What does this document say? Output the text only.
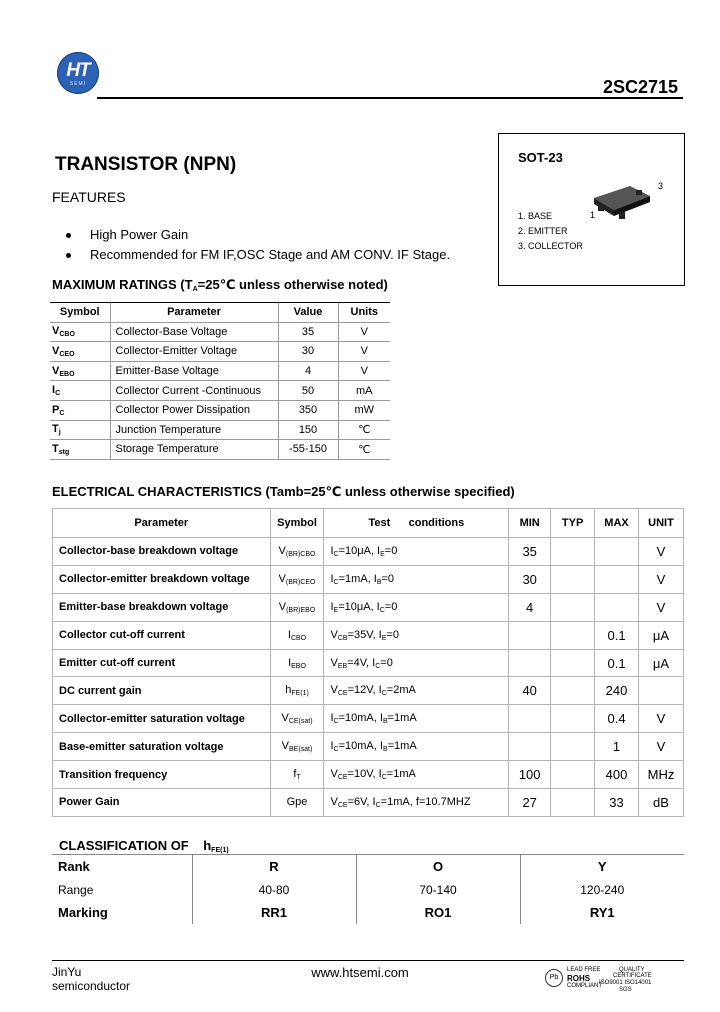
HT
SEMI	2SC2715
TRANSISTOR (NPN)
FEATURES
High Power Gain
Recommended for FM IF,OSC Stage and AM CONV. IF Stage.
SOT-23
1
3
1. BASE
2. EMITTER
3. COLLECTOR
MAXIMUM RATINGS ($T_A=25℃$ unless otherwise noted)
Symbol	Parameter	Value	Units
$V_{CBO}$	Collector-Base Voltage	35	V
$V_{CEO}$	Collector-Emitter Voltage	30	V
$V_{EBO}$	Emitter-Base Voltage	4	V
$I_C$	Collector Current -Continuous	50	mA
$P_C$	Collector Power Dissipation	350	mW
$T_j$	Junction Temperature	150	℃
$T_{stg}$	Storage Temperature	-55-150	℃
ELECTRICAL CHARACTERISTICS (Tamb=25℃ unless otherwise specified)
Parameter	Symbol	Test      conditions	MIN	TYP	MAX	UNIT
Collector-base breakdown voltage	$V_{(BR)CBO}$	$I_C=10\mu A$, $I_E=0$	35			V
Collector-emitter breakdown voltage	$V_{(BR)CEO}$	$I_C=1mA$, $I_B=0$	30			V
Emitter-base breakdown voltage	$V_{(BR)EBO}$	$I_E=10\mu A$, $I_C=0$	4			V
Collector cut-off current	$I_{CBO}$	$V_{CB}=35V$, $I_E=0$			0.1	μA
Emitter cut-off current	$I_{EBO}$	$V_{EB}=4V$, $I_C=0$			0.1	μA
DC current gain	$h_{FE(1)}$	$V_{CE}=12V$, $I_C=2mA$	40		240	
Collector-emitter saturation voltage	$V_{CE(sat)}$	$I_C=10mA$, $I_B=1mA$			0.4	V
Base-emitter saturation voltage	$V_{BE(sat)}$	$I_C=10mA$, $I_B=1mA$			1	V
Transition frequency	$f_T$	$V_{CE}=10V$, $I_C=1mA$	100		400	MHz
Power Gain	Gpe	$V_{CE}=6V$, $I_C=1mA$, f=10.7MHZ	27		33	dB
CLASSIFICATION OF $h_{FE(1)}$
Rank	R	O	Y
Range	40-80	70-140	120-240
Marking	RR1	RO1	RY1
JinYu
semiconductor
www.htsemi.com	Pb
LEAD FREE
ROHS
COMPLIANT
QUALITY
CERTIFICATE
ISO9001 ISO14001
SGS
